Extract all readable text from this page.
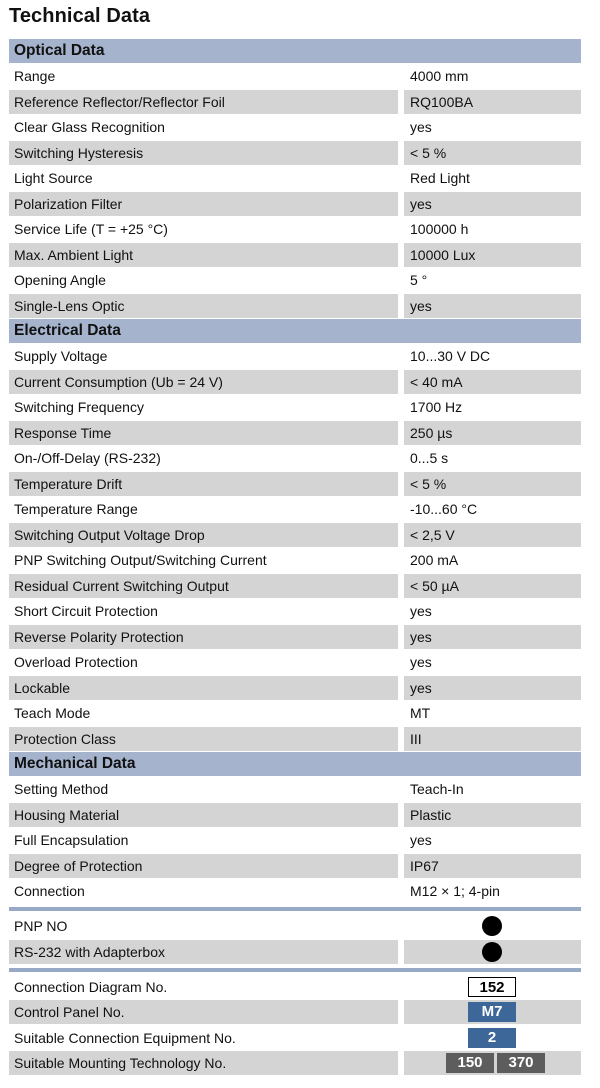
Technical Data
Optical Data
Range	4000 mm
Reference Reflector/Reflector Foil	RQ100BA
Clear Glass Recognition	yes
Switching Hysteresis	< 5 %
Light Source	Red Light
Polarization Filter	yes
Service Life (T = +25 °C)	100000 h
Max. Ambient Light	10000 Lux
Opening Angle	5 °
Single-Lens Optic	yes
Electrical Data
Supply Voltage	10...30 V DC
Current Consumption (Ub = 24 V)	< 40 mA
Switching Frequency	1700 Hz
Response Time	250 µs
On-/Off-Delay (RS-232)	0...5 s
Temperature Drift	< 5 %
Temperature Range	-10...60 °C
Switching Output Voltage Drop	< 2,5 V
PNP Switching Output/Switching Current	200 mA
Residual Current Switching Output	< 50 µA
Short Circuit Protection	yes
Reverse Polarity Protection	yes
Overload Protection	yes
Lockable	yes
Teach Mode	MT
Protection Class	III
Mechanical Data
Setting Method	Teach-In
Housing Material	Plastic
Full Encapsulation	yes
Degree of Protection	IP67
Connection	M12 × 1; 4-pin
PNP NO
RS-232 with Adapterbox
Connection Diagram No.	152
Control Panel No.	M7
Suitable Connection Equipment No.	2
Suitable Mounting Technology No.	150	370
